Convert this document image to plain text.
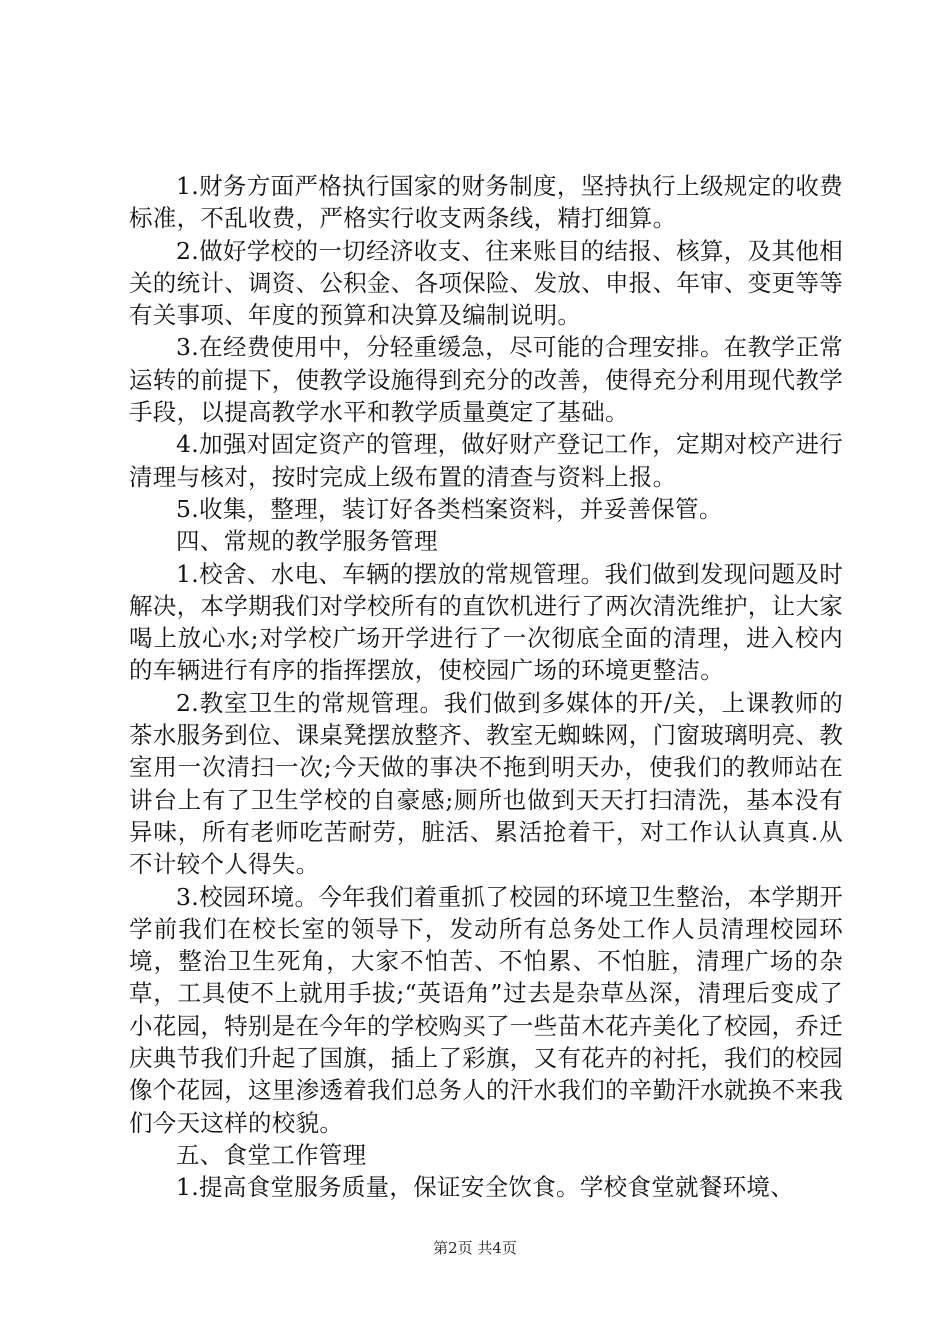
1.财务方面严格执行国家的财务制度，坚持执行上级规定的收费标准，不乱收费，严格实行收支两条线，精打细算。

2.做好学校的一切经济收支、往来账目的结报、核算，及其他相关的统计、调资、公积金、各项保险、发放、申报、年审、变更等等有关事项、年度的预算和决算及编制说明。

3.在经费使用中，分轻重缓急，尽可能的合理安排。在教学正常运转的前提下，使教学设施得到充分的改善，使得充分利用现代教学手段，以提高教学水平和教学质量奠定了基础。

4.加强对固定资产的管理，做好财产登记工作，定期对校产进行清理与核对，按时完成上级布置的清查与资料上报。

5.收集，整理，装订好各类档案资料，并妥善保管。

四、常规的教学服务管理

1.校舍、水电、车辆的摆放的常规管理。我们做到发现问题及时解决，本学期我们对学校所有的直饮机进行了两次清洗维护，让大家喝上放心水;对学校广场开学进行了一次彻底全面的清理，进入校内的车辆进行有序的指挥摆放，使校园广场的环境更整洁。

2.教室卫生的常规管理。我们做到多媒体的开/关，上课教师的茶水服务到位、课桌凳摆放整齐、教室无蜘蛛网，门窗玻璃明亮、教室用一次清扫一次;今天做的事决不拖到明天办，使我们的教师站在讲台上有了卫生学校的自豪感;厕所也做到天天打扫清洗，基本没有异味，所有老师吃苦耐劳，脏活、累活抢着干，对工作认认真真.从不计较个人得失。

3.校园环境。今年我们着重抓了校园的环境卫生整治，本学期开学前我们在校长室的领导下，发动所有总务处工作人员清理校园环境，整治卫生死角，大家不怕苦、不怕累、不怕脏，清理广场的杂草，工具使不上就用手拔;“英语角”过去是杂草丛深，清理后变成了小花园，特别是在今年的学校购买了一些苗木花卉美化了校园，乔迁庆典节我们升起了国旗，插上了彩旗，又有花卉的衬托，我们的校园像个花园，这里渗透着我们总务人的汗水我们的辛勤汗水就换不来我们今天这样的校貌。

五、食堂工作管理

1.提高食堂服务质量，保证安全饮食。学校食堂就餐环境、

第2页 共4页
